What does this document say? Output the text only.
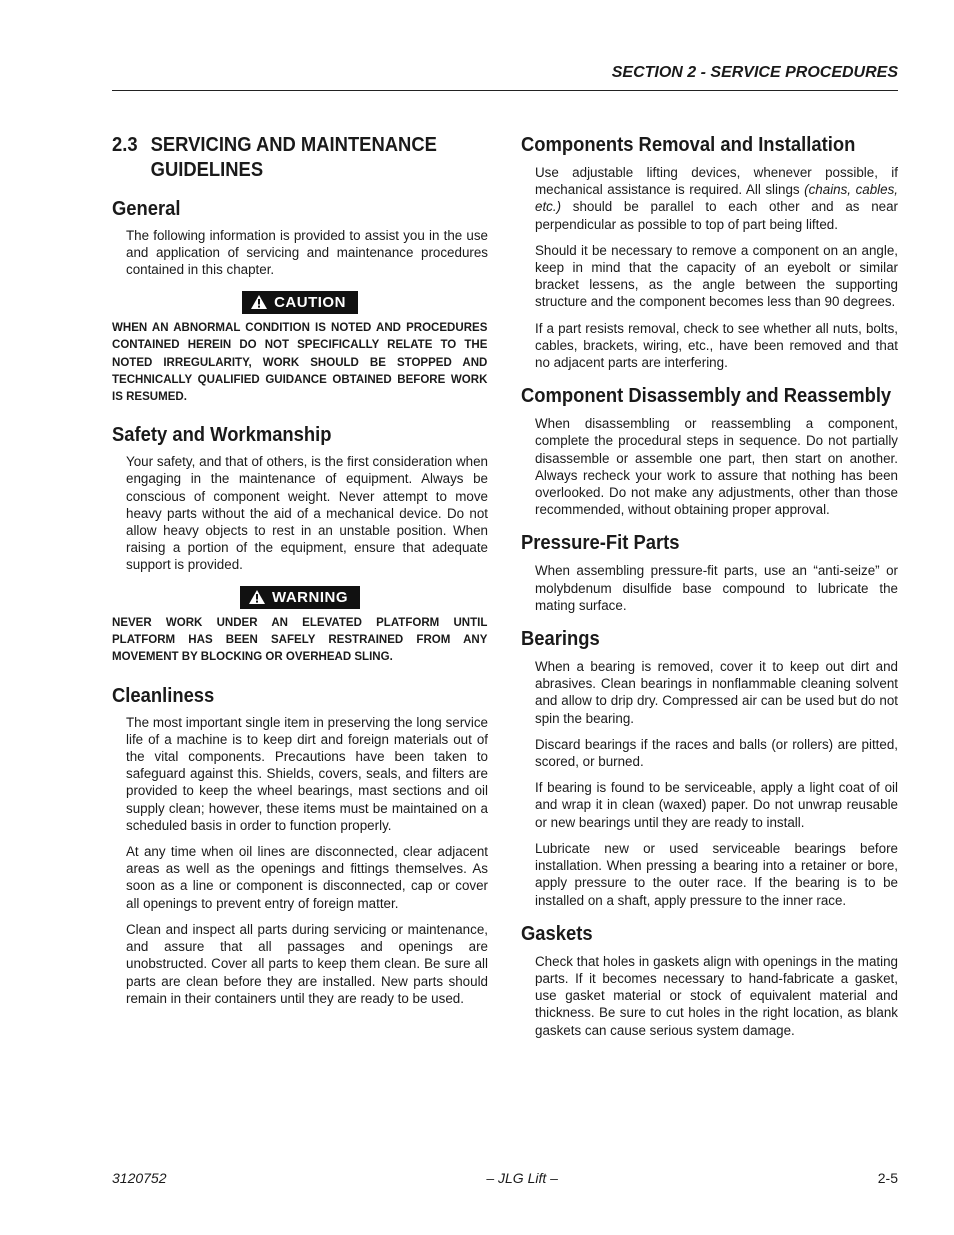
SECTION 2 - SERVICE PROCEDURES
2.3 SERVICING AND MAINTENANCE GUIDELINES
General

The following information is provided to assist you in the use and application of servicing and maintenance procedures contained in this chapter.

CAUTION

WHEN AN ABNORMAL CONDITION IS NOTED AND PROCEDURES CONTAINED HEREIN DO NOT SPECIFICALLY RELATE TO THE NOTED IRREGULARITY, WORK SHOULD BE STOPPED AND TECHNICALLY QUALIFIED GUIDANCE OBTAINED BEFORE WORK IS RESUMED.

Safety and Workmanship

Your safety, and that of others, is the first consideration when engaging in the maintenance of equipment. Always be conscious of component weight. Never attempt to move heavy parts without the aid of a mechanical device. Do not allow heavy objects to rest in an unstable position. When raising a portion of the equipment, ensure that adequate support is provided.

WARNING

NEVER WORK UNDER AN ELEVATED PLATFORM UNTIL PLATFORM HAS BEEN SAFELY RESTRAINED FROM ANY MOVEMENT BY BLOCKING OR OVERHEAD SLING.

Cleanliness

The most important single item in preserving the long service life of a machine is to keep dirt and foreign materials out of the vital components. Precautions have been taken to safeguard against this. Shields, covers, seals, and filters are provided to keep the wheel bearings, mast sections and oil supply clean; however, these items must be maintained on a scheduled basis in order to function properly.

At any time when oil lines are disconnected, clear adjacent areas as well as the openings and fittings themselves. As soon as a line or component is disconnected, cap or cover all openings to prevent entry of foreign matter.

Clean and inspect all parts during servicing or maintenance, and assure that all passages and openings are unobstructed. Cover all parts to keep them clean. Be sure all parts are clean before they are installed. New parts should remain in their containers until they are ready to be used.

Components Removal and Installation

Use adjustable lifting devices, whenever possible, if mechanical assistance is required. All slings (chains, cables, etc.) should be parallel to each other and as near perpendicular as possible to top of part being lifted.

Should it be necessary to remove a component on an angle, keep in mind that the capacity of an eyebolt or similar bracket lessens, as the angle between the supporting structure and the component becomes less than 90 degrees.

If a part resists removal, check to see whether all nuts, bolts, cables, brackets, wiring, etc., have been removed and that no adjacent parts are interfering.

Component Disassembly and Reassembly

When disassembling or reassembling a component, complete the procedural steps in sequence. Do not partially disassemble or assemble one part, then start on another. Always recheck your work to assure that nothing has been overlooked. Do not make any adjustments, other than those recommended, without obtaining proper approval.

Pressure-Fit Parts

When assembling pressure-fit parts, use an “anti-seize” or molybdenum disulfide base compound to lubricate the mating surface.

Bearings

When a bearing is removed, cover it to keep out dirt and abrasives. Clean bearings in nonflammable cleaning solvent and allow to drip dry. Compressed air can be used but do not spin the bearing.

Discard bearings if the races and balls (or rollers) are pitted, scored, or burned.

If bearing is found to be serviceable, apply a light coat of oil and wrap it in clean (waxed) paper. Do not unwrap reusable or new bearings until they are ready to install.

Lubricate new or used serviceable bearings before installation. When pressing a bearing into a retainer or bore, apply pressure to the outer race. If the bearing is to be installed on a shaft, apply pressure to the inner race.

Gaskets

Check that holes in gaskets align with openings in the mating parts. If it becomes necessary to hand-fabricate a gasket, use gasket material or stock of equivalent material and thickness. Be sure to cut holes in the right location, as blank gaskets can cause serious system damage.

3120752	– JLG Lift –	2-5
